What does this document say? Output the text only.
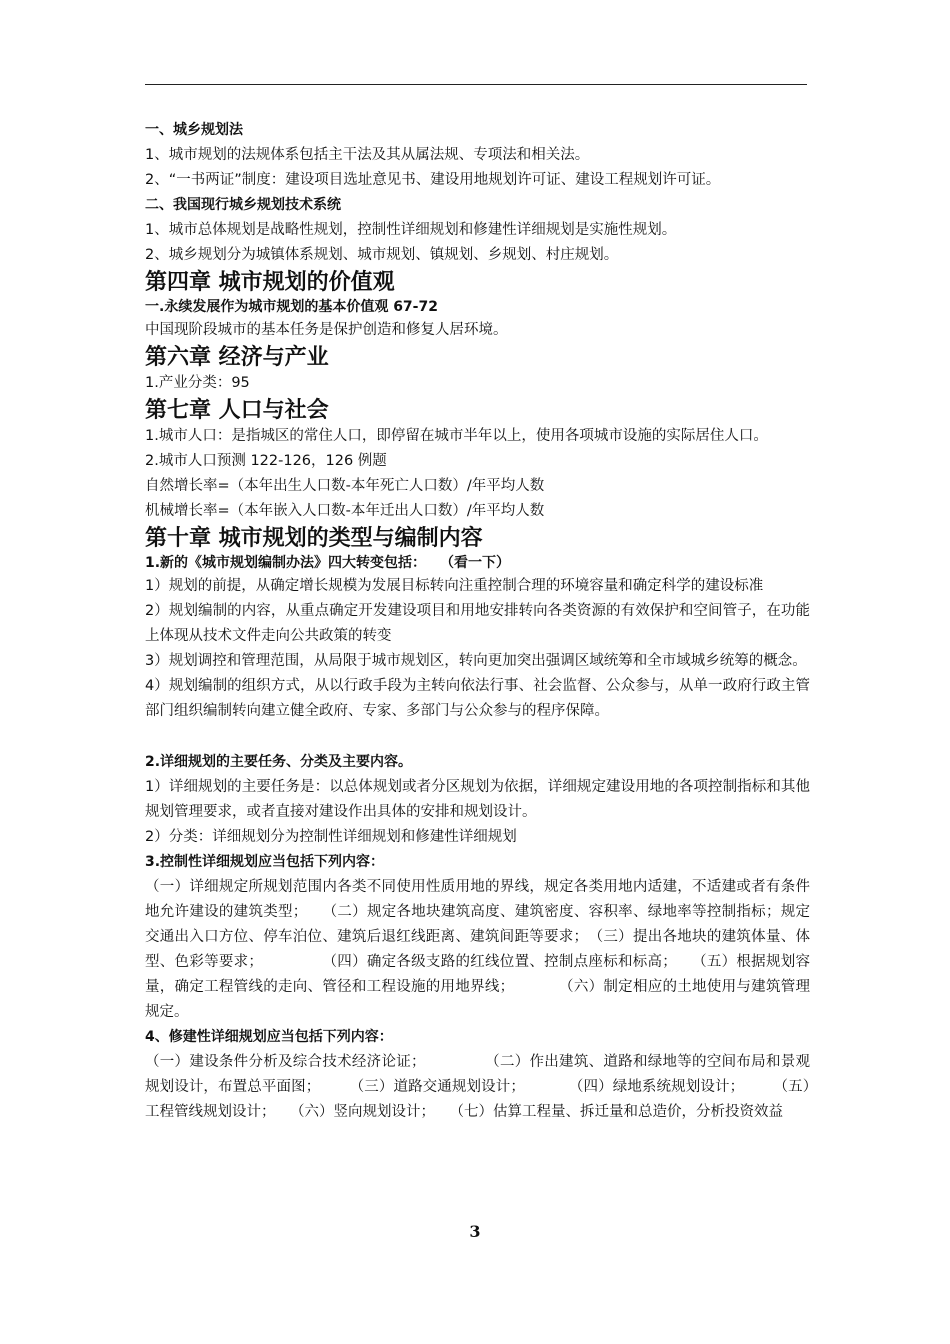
一、城乡规划法
1、城市规划的法规体系包括主干法及其从属法规、专项法和相关法。
2、“一书两证”制度：建设项目选址意见书、建设用地规划许可证、建设工程规划许可证。
二、我国现行城乡规划技术系统
1、城市总体规划是战略性规划，控制性详细规划和修建性详细规划是实施性规划。
2、城乡规划分为城镇体系规划、城市规划、镇规划、乡规划、村庄规划。
第四章 城市规划的价值观
一.永续发展作为城市规划的基本价值观 67-72
中国现阶段城市的基本任务是保护创造和修复人居环境。
第六章 经济与产业
1.产业分类：95
第七章 人口与社会
1.城市人口：是指城区的常住人口，即停留在城市半年以上，使用各项城市设施的实际居住人口。
2.城市人口预测 122-126，126 例题
自然增长率=（本年出生人口数-本年死亡人口数）/年平均人数
机械增长率=（本年嵌入人口数-本年迁出人口数）/年平均人数
第十章 城市规划的类型与编制内容
1.新的《城市规划编制办法》四大转变包括：　　（看一下）
1）规划的前提，从确定增长规模为发展目标转向注重控制合理的环境容量和确定科学的建设标准
2）规划编制的内容，从重点确定开发建设项目和用地安排转向各类资源的有效保护和空间管子，在功能上体现从技术文件走向公共政策的转变
3）规划调控和管理范围，从局限于城市规划区，转向更加突出强调区域统筹和全市域城乡统筹的概念。
4）规划编制的组织方式，从以行政手段为主转向依法行事、社会监督、公众参与，从单一政府行政主管部门组织编制转向建立健全政府、专家、多部门与公众参与的程序保障。
2.详细规划的主要任务、分类及主要内容。
1）详细规划的主要任务是：以总体规划或者分区规划为依据，详细规定建设用地的各项控制指标和其他规划管理要求，或者直接对建设作出具体的安排和规划设计。
2）分类：详细规划分为控制性详细规划和修建性详细规划
3.控制性详细规划应当包括下列内容：
（一）详细规定所规划范围内各类不同使用性质用地的界线，规定各类用地内适建，不适建或者有条件地允许建设的建筑类型；　　（二）规定各地块建筑高度、建筑密度、容积率、绿地率等控制指标；规定交通出入口方位、停车泊位、建筑后退红线距离、建筑间距等要求；　（三）提出各地块的建筑体量、体型、色彩等要求；　　　　　（四）确定各级支路的红线位置、控制点座标和标高；　　（五）根据规划容量，确定工程管线的走向、管径和工程设施的用地界线；　　　　（六）制定相应的土地使用与建筑管理规定。
4、修建性详细规划应当包括下列内容：
（一）建设条件分析及综合技术经济论证；　　　　　（二）作出建筑、道路和绿地等的空间布局和景观规划设计，布置总平面图；　　　（三）道路交通规划设计；　　　　（四）绿地系统规划设计；　　　（五）工程管线规划设计；　　（六）竖向规划设计；　　（七）估算工程量、拆迁量和总造价，分析投资效益
3
